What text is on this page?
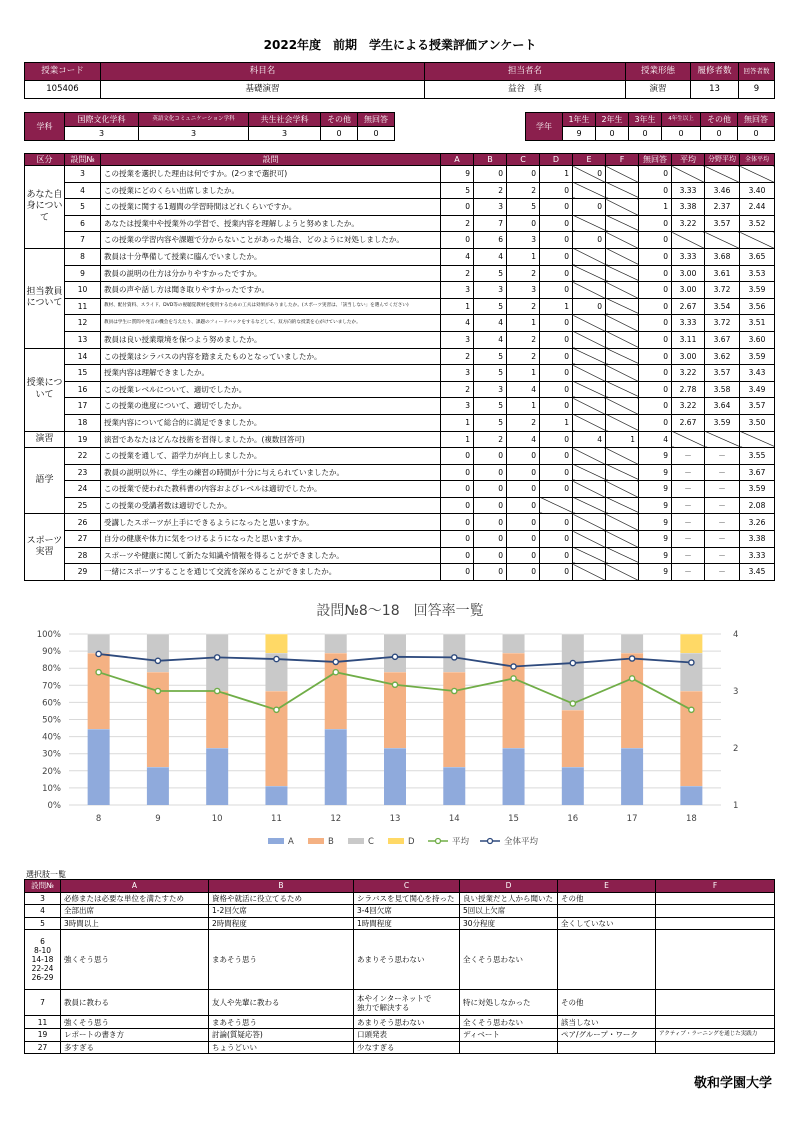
2022年度　前期　学生による授業評価アンケート
授業コード	科目名	担当者名	授業形態	履修者数	回答者数
105406	基礎演習	益谷　真	演習	13	9
学科	国際文化学科	英語文化コミュニケーション学科	共生社会学科	その他	無回答
	3	3	3	0	0
学年	1年生	2年生	3年生	4年生以上	その他	無回答
	9	0	0	0	0	0
区分	設問№	設問	A	B	C	D	E	F	無回答	平均	分野平均	全体平均
あなた自身について	3	この授業を選択した理由は何ですか。(2つまで選択可)	9	0	0	1	0		0			
	4	この授業にどのくらい出席しましたか。	5	2	2	0			0	3.33	3.46	3.40
	5	この授業に関する1週間の学習時間はどれくらいですか。	0	3	5	0	0		1	3.38	2.37	2.44
	6	あなたは授業中や授業外の学習で、授業内容を理解しようと努めましたか。	2	7	0	0			0	3.22	3.57	3.52
	7	この授業の学習内容や課題で分からないことがあった場合、どのように対処しましたか。	0	6	3	0	0		0			
担当教員について	8	教員は十分準備して授業に臨んでいましたか。	4	4	1	0			0	3.33	3.68	3.65
	9	教員の説明の仕方は分かりやすかったですか。	2	5	2	0			0	3.00	3.61	3.53
	10	教員の声や話し方は聞き取りやすかったですか。	3	3	3	0			0	3.00	3.72	3.59
	11	教材、配付資料、スライド、DVD等の視聴覚教材を使用するための工夫は効果がありましたか。(スポーツ実習は、「該当しない」を選んでください)	1	5	2	1	0		0	2.67	3.54	3.56
	12	教員は学生に質問や発言の機会を与えたり、課題のフィードバックをするなどして、双方向的な授業を心がけていましたか。	4	4	1	0			0	3.33	3.72	3.51
	13	教員は良い授業環境を保つよう努めましたか。	3	4	2	0			0	3.11	3.67	3.60
授業について	14	この授業はシラバスの内容を踏まえたものとなっていましたか。	2	5	2	0			0	3.00	3.62	3.59
	15	授業内容は理解できましたか。	3	5	1	0			0	3.22	3.57	3.43
	16	この授業レベルについて、適切でしたか。	2	3	4	0			0	2.78	3.58	3.49
	17	この授業の進度について、適切でしたか。	3	5	1	0			0	3.22	3.64	3.57
	18	授業内容について総合的に満足できましたか。	1	5	2	1			0	2.67	3.59	3.50
演習	19	演習であなたはどんな技術を習得しましたか。(複数回答可)	1	2	4	0	4	1	4			
語学	22	この授業を通して、語学力が向上しましたか。	0	0	0	0			9	－	－	3.55
	23	教員の説明以外に、学生の練習の時間が十分に与えられていましたか。	0	0	0	0			9	－	－	3.67
	24	この授業で使われた教科書の内容およびレベルは適切でしたか。	0	0	0	0			9	－	－	3.59
	25	この授業の受講者数は適切でしたか。	0	0	0				9	－	－	2.08
スポーツ実習	26	受講したスポーツが上手にできるようになったと思いますか。	0	0	0	0			9	－	－	3.26
	27	自分の健康や体力に気をつけるようになったと思いますか。	0	0	0	0			9	－	－	3.38
	28	スポーツや健康に関して新たな知識や情報を得ることができましたか。	0	0	0	0			9	－	－	3.33
	29	一緒にスポーツすることを通じて交流を深めることができましたか。	0	0	0	0			9	－	－	3.45
設問№8～18　回答率一覧
0%
10%
20%
30%
40%
50%
60%
70%
80%
90%
100%
1
2
3
4
8	9	10	11	12	13	14	15	16	17	18
A	B	C	D	平均	全体平均
選択肢一覧
設問№	A	B	C	D	E	F
3	必修または必要な単位を満たすため	資格や就活に役立てるため	シラバスを見て関心を持った	良い授業だと人から聞いた	その他	
4	全部出席	1-2回欠席	3-4回欠席	5回以上欠席		
5	3時間以上	2時間程度	1時間程度	30分程度	全くしていない	
6
8-10
14-18
22-24
26-29	強くそう思う	まあそう思う	あまりそう思わない	全くそう思わない		
7	教員に教わる	友人や先輩に教わる	本やインターネットで
独力で解決する	特に対処しなかった	その他	
11	強くそう思う	まあそう思う	あまりそう思わない	全くそう思わない	該当しない	
19	レポートの書き方	討論(質疑応答)	口頭発表	ディベート	ペア/グループ・ワーク	アクティブ・ラーニングを通じた実践力
27	多すぎる	ちょうどいい	少なすぎる			
敬和学園大学
